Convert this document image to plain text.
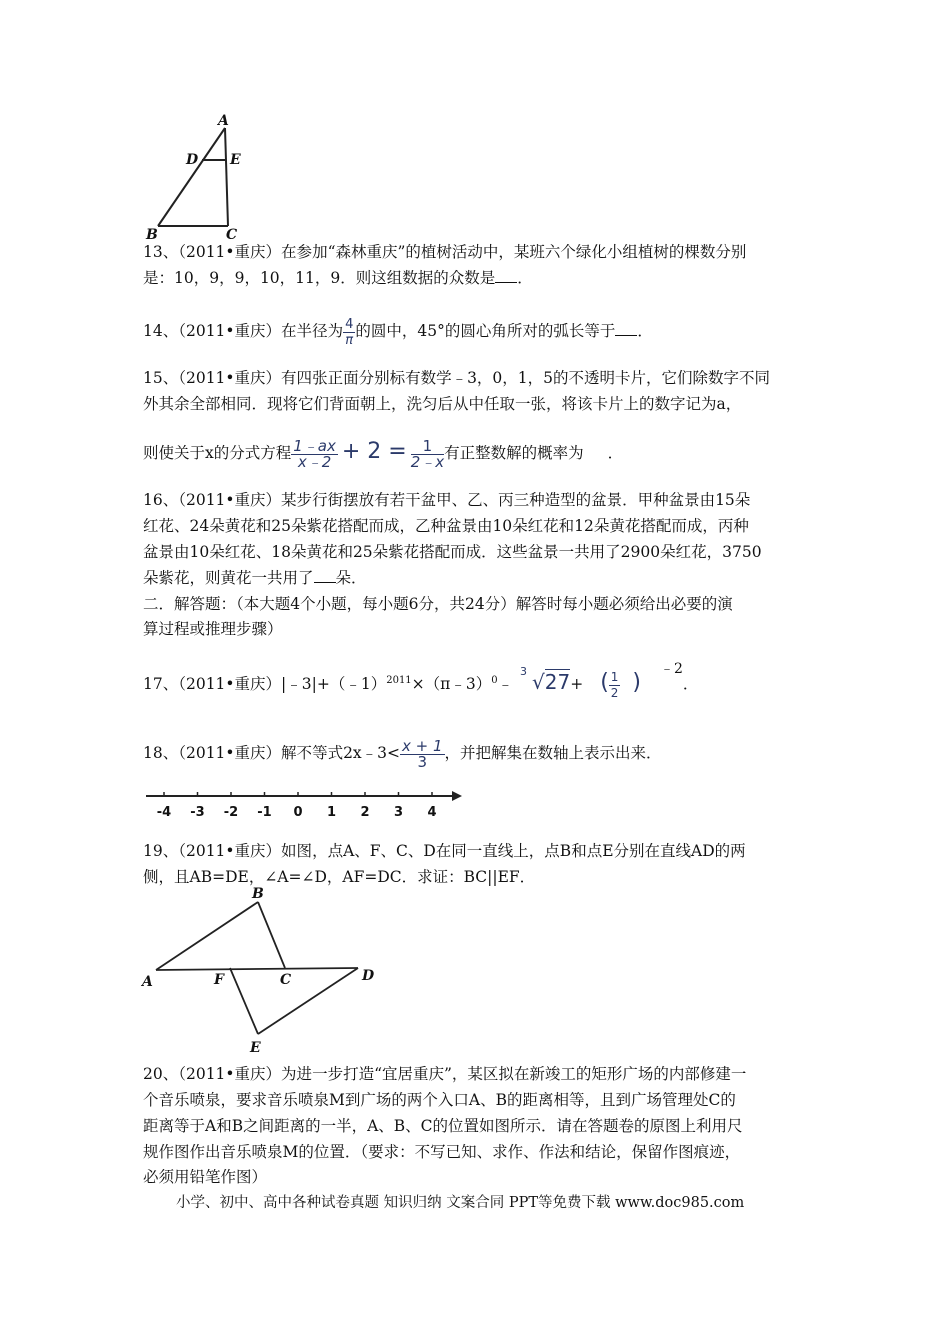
A
D E
B	C
13、（2011•重庆）在参加“森林重庆”的植树活动中，某班六个绿化小组植树的棵数分别
是：10，9，9，10，11，9．则这组数据的众数是 ．
14、（2011•重庆）在半径为 $\frac{4}{\pi}$ 的圆中，45°的圆心角所对的弧长等于 ．
15、（2011•重庆）有四张正面分别标有数学﹣3，0，1，5的不透明卡片，它们除数字不同
外其余全部相同．现将它们背面朝上，洗匀后从中任取一张，将该卡片上的数字记为a，
则使关于x的分式方程 $\frac{1﹣ax}{x﹣2} + 2 = \frac{1}{2﹣x}$ 有正整数解的概率为 ．
16、（2011•重庆）某步行街摆放有若干盆甲、乙、丙三种造型的盆景．甲种盆景由15朵
红花、24朵黄花和25朵紫花搭配而成，乙种盆景由10朵红花和12朵黄花搭配而成，丙种
盆景由10朵红花、18朵黄花和25朵紫花搭配而成．这些盆景一共用了2900朵红花，3750
朵紫花，则黄花一共用了 朵．
二．解答题：（本大题4个小题，每小题6分，共24分）解答时每小题必须给出必要的演
算过程或推理步骤）
17、（2011•重庆）|﹣3|+（﹣1）$^{2011}$×（π﹣3）$^0$﹣
3 √27+ ( $\frac{1}{2}$ ) $^{﹣2}$．
18、（2011•重庆）解不等式2x﹣3< $\frac{x + 1}{3}$ ，并把解集在数轴上表示出来．
-4 -3 -2 -1 0 1 2 3 4
19、（2011•重庆）如图，点A、F、C、D在同一直线上，点B和点E分别在直线AD的两
侧，且AB=DE，∠A=∠D，AF=DC．求证：BC||EF．
B
A	F	C	D
E
20、（2011•重庆）为进一步打造“宜居重庆”，某区拟在新竣工的矩形广场的内部修建一
个音乐喷泉，要求音乐喷泉M到广场的两个入口A、B的距离相等，且到广场管理处C的
距离等于A和B之间距离的一半，A、B、C的位置如图所示．请在答题卷的原图上利用尺
规作图作出音乐喷泉M的位置．（要求：不写已知、求作、作法和结论，保留作图痕迹，
必须用铅笔作图）
小学、初中、高中各种试卷真题 知识归纳 文案合同 PPT等免费下载 www.doc985.com
